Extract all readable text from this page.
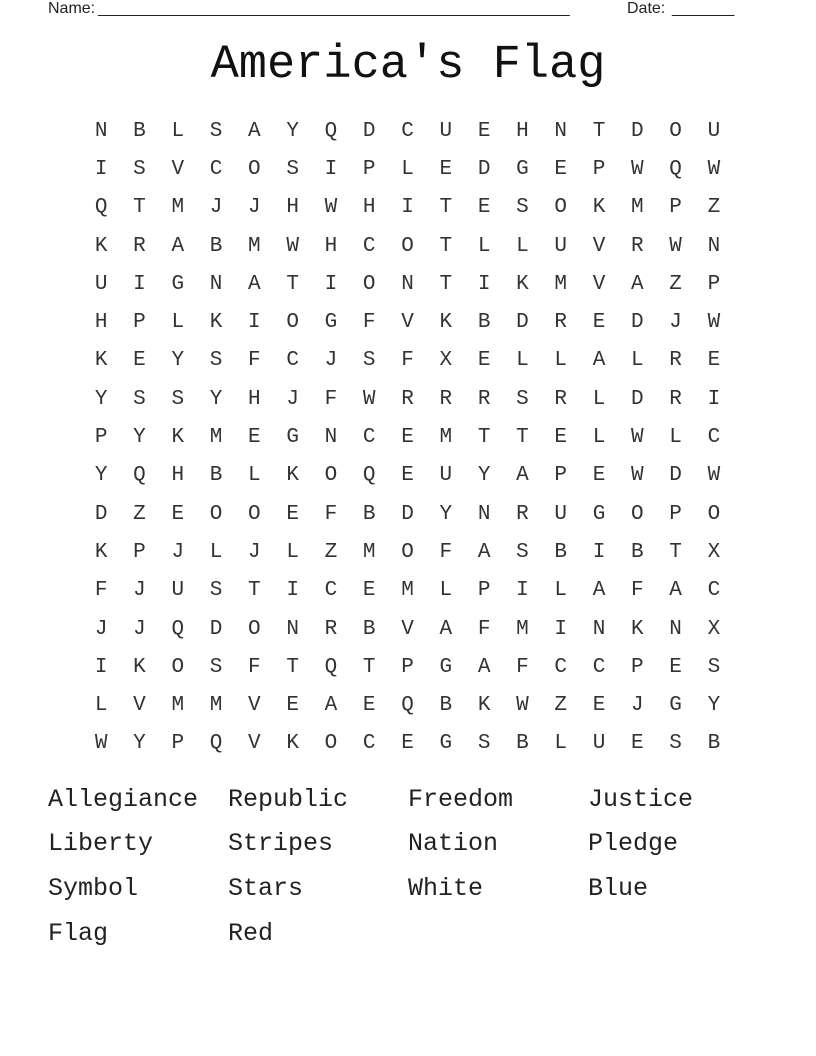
Name: _____________________________________________________	Date: _______
America's Flag
N	B	L	S	A	Y	Q	D	C	U	E	H	N	T	D	O	U
I	S	V	C	O	S	I	P	L	E	D	G	E	P	W	Q	W
Q	T	M	J	J	H	W	H	I	T	E	S	O	K	M	P	Z
K	R	A	B	M	W	H	C	O	T	L	L	U	V	R	W	N
U	I	G	N	A	T	I	O	N	T	I	K	M	V	A	Z	P
H	P	L	K	I	O	G	F	V	K	B	D	R	E	D	J	W
K	E	Y	S	F	C	J	S	F	X	E	L	L	A	L	R	E
Y	S	S	Y	H	J	F	W	R	R	R	S	R	L	D	R	I
P	Y	K	M	E	G	N	C	E	M	T	T	E	L	W	L	C
Y	Q	H	B	L	K	O	Q	E	U	Y	A	P	E	W	D	W
D	Z	E	O	O	E	F	B	D	Y	N	R	U	G	O	P	O
K	P	J	L	J	L	Z	M	O	F	A	S	B	I	B	T	X
F	J	U	S	T	I	C	E	M	L	P	I	L	A	F	A	C
J	J	Q	D	O	N	R	B	V	A	F	M	I	N	K	N	X
I	K	O	S	F	T	Q	T	P	G	A	F	C	C	P	E	S
L	V	M	M	V	E	A	E	Q	B	K	W	Z	E	J	G	Y
W	Y	P	Q	V	K	O	C	E	G	S	B	L	U	E	S	B
Allegiance	Republic	Freedom	Justice
Liberty	Stripes	Nation	Pledge
Symbol	Stars	White	Blue
Flag	Red
